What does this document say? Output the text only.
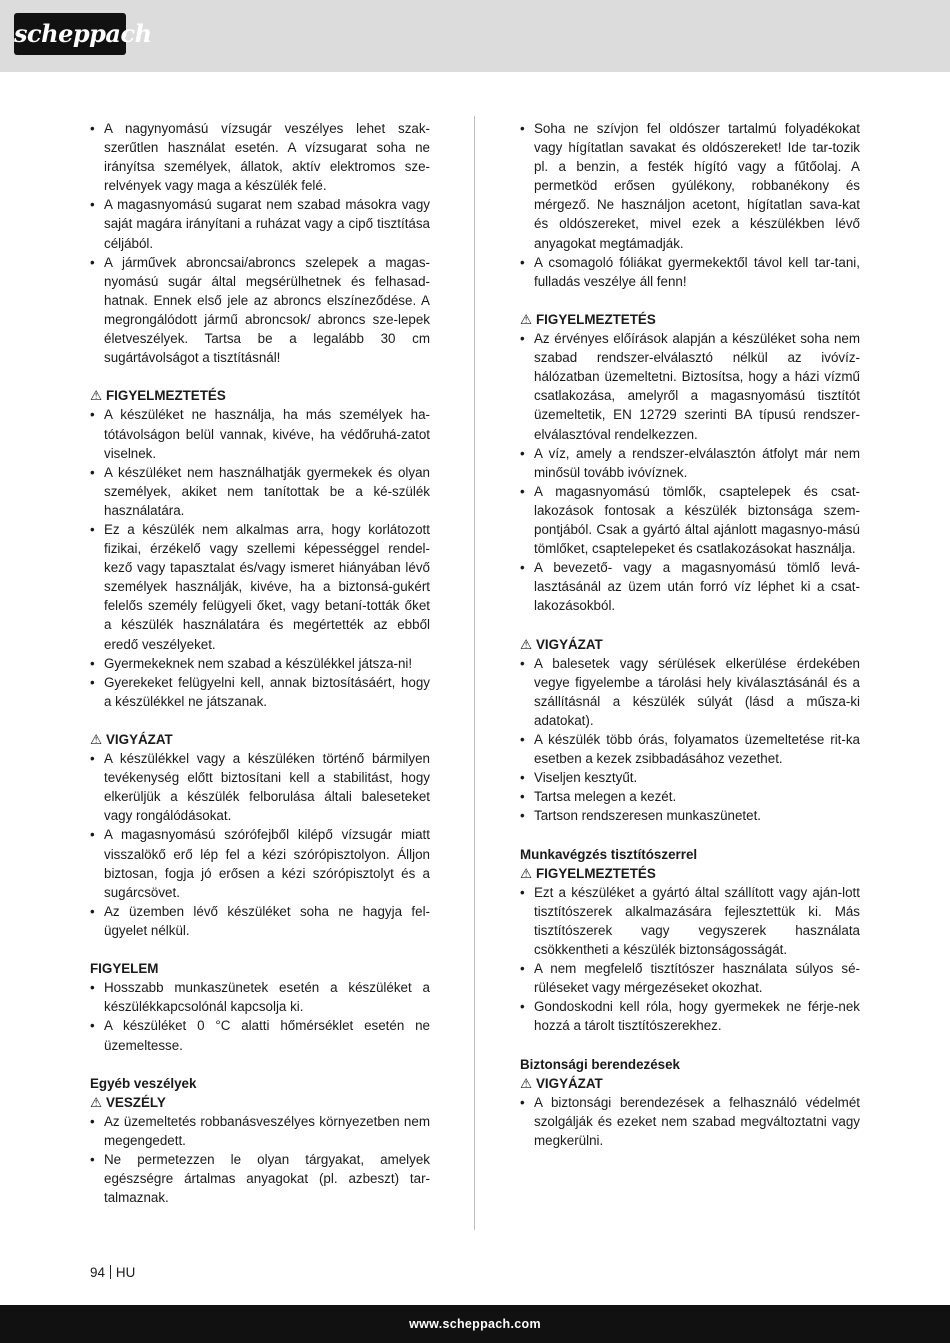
scheppach
• A nagynyomású vízsugár veszélyes lehet szak-szerűtlen használat esetén. A vízsugarat soha ne irányítsa személyek, állatok, aktív elektromos sze-relvények vagy maga a készülék felé.
• A magasnyomású sugarat nem szabad másokra vagy saját magára irányítani a ruházat vagy a cipő tisztítása céljából.
• A járművek abroncsai/abroncs szelepek a magas-nyomású sugár által megsérülhetnek és felhasad-hatnak. Ennek első jele az abroncs elszíneződése. A megrongálódott jármű abroncsok/ abroncs sze-lepek életveszélyek. Tartsa be a legalább 30 cm sugártávolságot a tisztításnál!
⚠ FIGYELMEZTETÉS
• A készüléket ne használja, ha más személyek ha-tótávolságon belül vannak, kivéve, ha védőruhá-zatot viselnek.
• A készüléket nem használhatják gyermekek és olyan személyek, akiket nem tanítottak be a ké-szülék használatára.
• Ez a készülék nem alkalmas arra, hogy korlátozott fizikai, érzékelő vagy szellemi képességgel rendel-kező vagy tapasztalat és/vagy ismeret hiányában lévő személyek használják, kivéve, ha a biztonsá-gukért felelős személy felügyeli őket, vagy betaní-tották őket a készülék használatára és megértették az ebből eredő veszélyeket.
• Gyermekeknek nem szabad a készülékkel játsza-ni!
• Gyerekeket felügyelni kell, annak biztosításáért, hogy a készülékkel ne játszanak.
⚠ VIGYÁZAT
• A készülékkel vagy a készüléken történő bármilyen tevékenység előtt biztosítani kell a stabilitást, hogy elkerüljük a készülék felborulása általi baleseteket vagy rongálódásokat.
• A magasnyomású szórófejből kilépő vízsugár miatt visszalökő erő lép fel a kézi szórópisztolyon. Álljon biztosan, fogja jó erősen a kézi szórópisztolyt és a sugárcsövet.
• Az üzemben lévő készüléket soha ne hagyja fel-ügyelet nélkül.
FIGYELEM
• Hosszabb munkaszünetek esetén a készüléket a készülékkapcsolónál kapcsolja ki.
• A készüléket 0 °C alatti hőmérséklet esetén ne üzemeltesse.
Egyéb veszélyek
⚠ VESZÉLY
• Az üzemeltetés robbanásveszélyes környezetben nem megengedett.
• Ne permetezzen le olyan tárgyakat, amelyek egészségre ártalmas anyagokat (pl. azbeszt) tar-talmaznak.
• Soha ne szívjon fel oldószer tartalmú folyadékokat vagy hígítatlan savakat és oldószereket! Ide tar-tozik pl. a benzin, a festék hígító vagy a fűtőolaj. A permetköd erősen gyúlékony, robbanékony és mérgező. Ne használjon acetont, hígítatlan sava-kat és oldószereket, mivel ezek a készülékben lévő anyagokat megtámadják.
• A csomagoló fóliákat gyermekektől távol kell tar-tani, fulladás veszélye áll fenn!
⚠ FIGYELMEZTETÉS
• Az érvényes előírások alapján a készüléket soha nem szabad rendszer-elválasztó nélkül az ivóvíz-hálózatban üzemeltetni. Biztosítsa, hogy a házi vízmű csatlakozása, amelyről a magasnyomású tisztítót üzemeltetik, EN 12729 szerinti BA típusú rendszer-elválasztóval rendelkezzen.
• A víz, amely a rendszer-elválasztón átfolyt már nem minősül tovább ivóvíznek.
• A magasnyomású tömlők, csaptelepek és csat-lakozások fontosak a készülék biztonsága szem-pontjából. Csak a gyártó által ajánlott magasnyo-mású tömlőket, csaptelepeket és csatlakozásokat használja.
• A bevezető- vagy a magasnyomású tömlő levá-lasztásánál az üzem után forró víz léphet ki a csat-lakozásokból.
⚠ VIGYÁZAT
• A balesetek vagy sérülések elkerülése érdekében vegye figyelembe a tárolási hely kiválasztásánál és a szállításnál a készülék súlyát (lásd a műsza-ki adatokat).
• A készülék több órás, folyamatos üzemeltetése rit-ka esetben a kezek zsibbadásához vezethet.
• Viseljen kesztyűt.
• Tartsa melegen a kezét.
• Tartson rendszeresen munkaszünetet.
Munkavégzés tisztítószerrel
⚠ FIGYELMEZTETÉS
• Ezt a készüléket a gyártó által szállított vagy aján-lott tisztítószerek alkalmazására fejlesztettük ki. Más tisztítószerek vagy vegyszerek használata csökkentheti a készülék biztonságosságát.
• A nem megfelelő tisztítószer használata súlyos sé-rüléseket vagy mérgezéseket okozhat.
• Gondoskodni kell róla, hogy gyermekek ne férje-nek hozzá a tárolt tisztítószerekhez.
Biztonsági berendezések
⚠ VIGYÁZAT
• A biztonsági berendezések a felhasználó védelmét szolgálják és ezeket nem szabad megváltoztatni vagy megkerülni.
94 HU
www.scheppach.com
